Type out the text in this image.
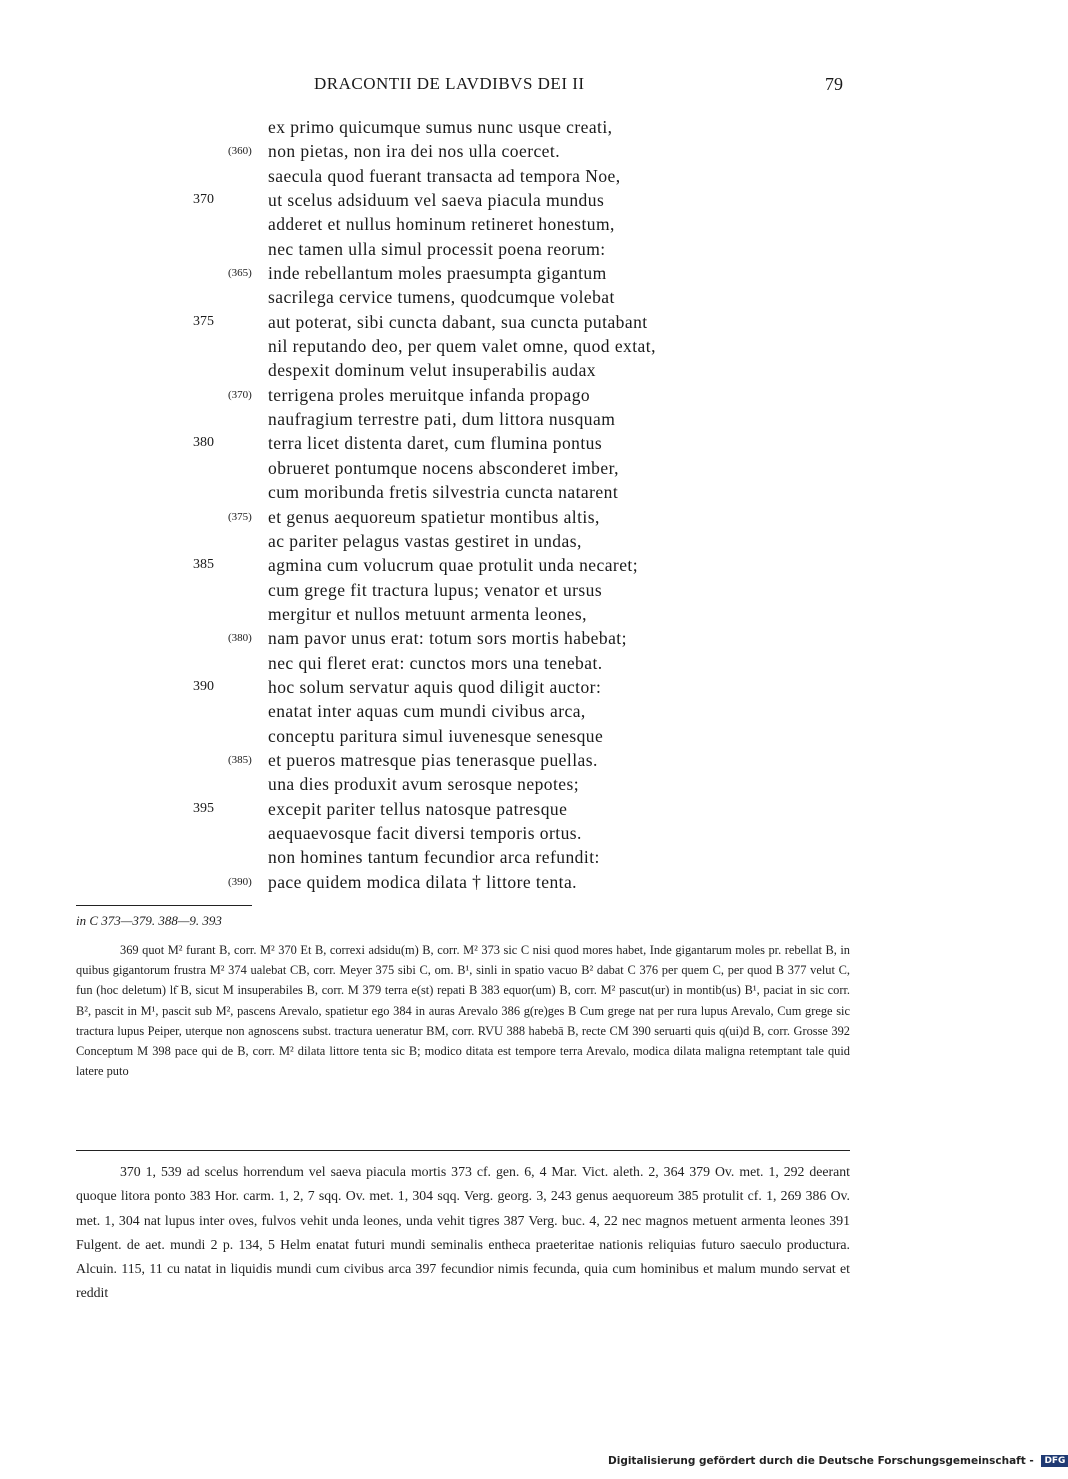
DRACONTII DE LAVDIBVS DEI II	79
ex primo quicumque sumus nunc usque creati,
(360) non pietas, non ira dei nos ulla coercet.
saecula quod fuerant transacta ad tempora Noe,
370	ut scelus adsiduum vel saeva piacula mundus
adderet et nullus hominum retineret honestum,
nec tamen ulla simul processit poena reorum:
(365) inde rebellantum moles praesumpta gigantum
sacrilega cervice tumens, quodcumque volebat
375	aut poterat, sibi cuncta dabant, sua cuncta putabant
nil reputando deo, per quem valet omne, quod extat,
despexit dominum velut insuperabilis audax
(370) terrigena proles meruitque infanda propago
naufragium terrestre pati, dum littora nusquam
380	terra licet distenta daret, cum flumina pontus
obrueret pontumque nocens absconderet imber,
cum moribunda fretis silvestria cuncta natarent
(375) et genus aequoreum spatietur montibus altis,
ac pariter pelagus vastas gestiret in undas,
385	agmina cum volucrum quae protulit unda necaret;
cum grege fit tractura lupus; venator et ursus
mergitur et nullos metuunt armenta leones,
(380) nam pavor unus erat: totum sors mortis habebat;
nec qui fleret erat: cunctos mors una tenebat.
390	hoc solum servatur aquis quod diligit auctor:
enatat inter aquas cum mundi civibus arca,
conceptu paritura simul iuvenesque senesque
(385) et pueros matresque pias tenerasque puellas.
una dies produxit avum serosque nepotes;
395	excepit pariter tellus natosque patresque
aequaevosque facit diversi temporis ortus.
non homines tantum fecundior arca refundit:
(390) pace quidem modica dilata † littore tenta.
in C 373—379. 388—9. 393
369 quot M² furant B, corr. M² 370 Et B, correxi adsidu(m) B, corr. M² 373 sic C nisi quod mores habet, Inde gigantarum moles pr. rebellat B, in quibus gigantorum frustra M² 374 ualebat CB, corr. Meyer 375 sibi C, om. B¹, sinli in spatio vacuo B² dabat C 376 per quem C, per quod B 377 velut C, fun (hoc deletum) lt͂ B, sicut M insuperabiles B, corr. M 379 terra e(st) repati B 383 equor(um) B, corr. M² pascut(ur) in montib(us) B¹, paciat in sic corr. B², pascit in M¹, pascit sub M², pascens Arevalo, spatietur ego 384 in auras Arevalo 386 g(re)ges B Cum grege nat per rura lupus Arevalo, Cum grege sic tractura lupus Peiper, uterque non agnoscens subst. tractura ueneratur BM, corr. RVU 388 habebā B, recte CM 390 seruarti quis q(ui)d B, corr. Grosse 392 Conceptum M 398 pace qui de B, corr. M² dilata littore tenta sic B; modico ditata est tempore terra Arevalo, modica dilata maligna retemptant tale quid latere puto
370 1, 539 ad scelus horrendum vel saeva piacula mortis 373 cf. gen. 6, 4 Mar. Vict. aleth. 2, 364 379 Ov. met. 1, 292 deerant quoque litora ponto 383 Hor. carm. 1, 2, 7 sqq. Ov. met. 1, 304 sqq. Verg. georg. 3, 243 genus aequoreum 385 protulit cf. 1, 269 386 Ov. met. 1, 304 nat lupus inter oves, fulvos vehit unda leones, unda vehit tigres 387 Verg. buc. 4, 22 nec magnos metuent armenta leones 391 Fulgent. de aet. mundi 2 p. 134, 5 Helm enatat futuri mundi seminalis entheca praeteritae nationis reliquias futuro saeculo productura. Alcuin. 115, 11 cu natat in liquidis mundi cum civibus arca 397 fecundior nimis fecunda, quia cum hominibus et malum mundo servat et reddit
Digitalisierung gefördert durch die Deutsche Forschungsgemeinschaft - DFG
